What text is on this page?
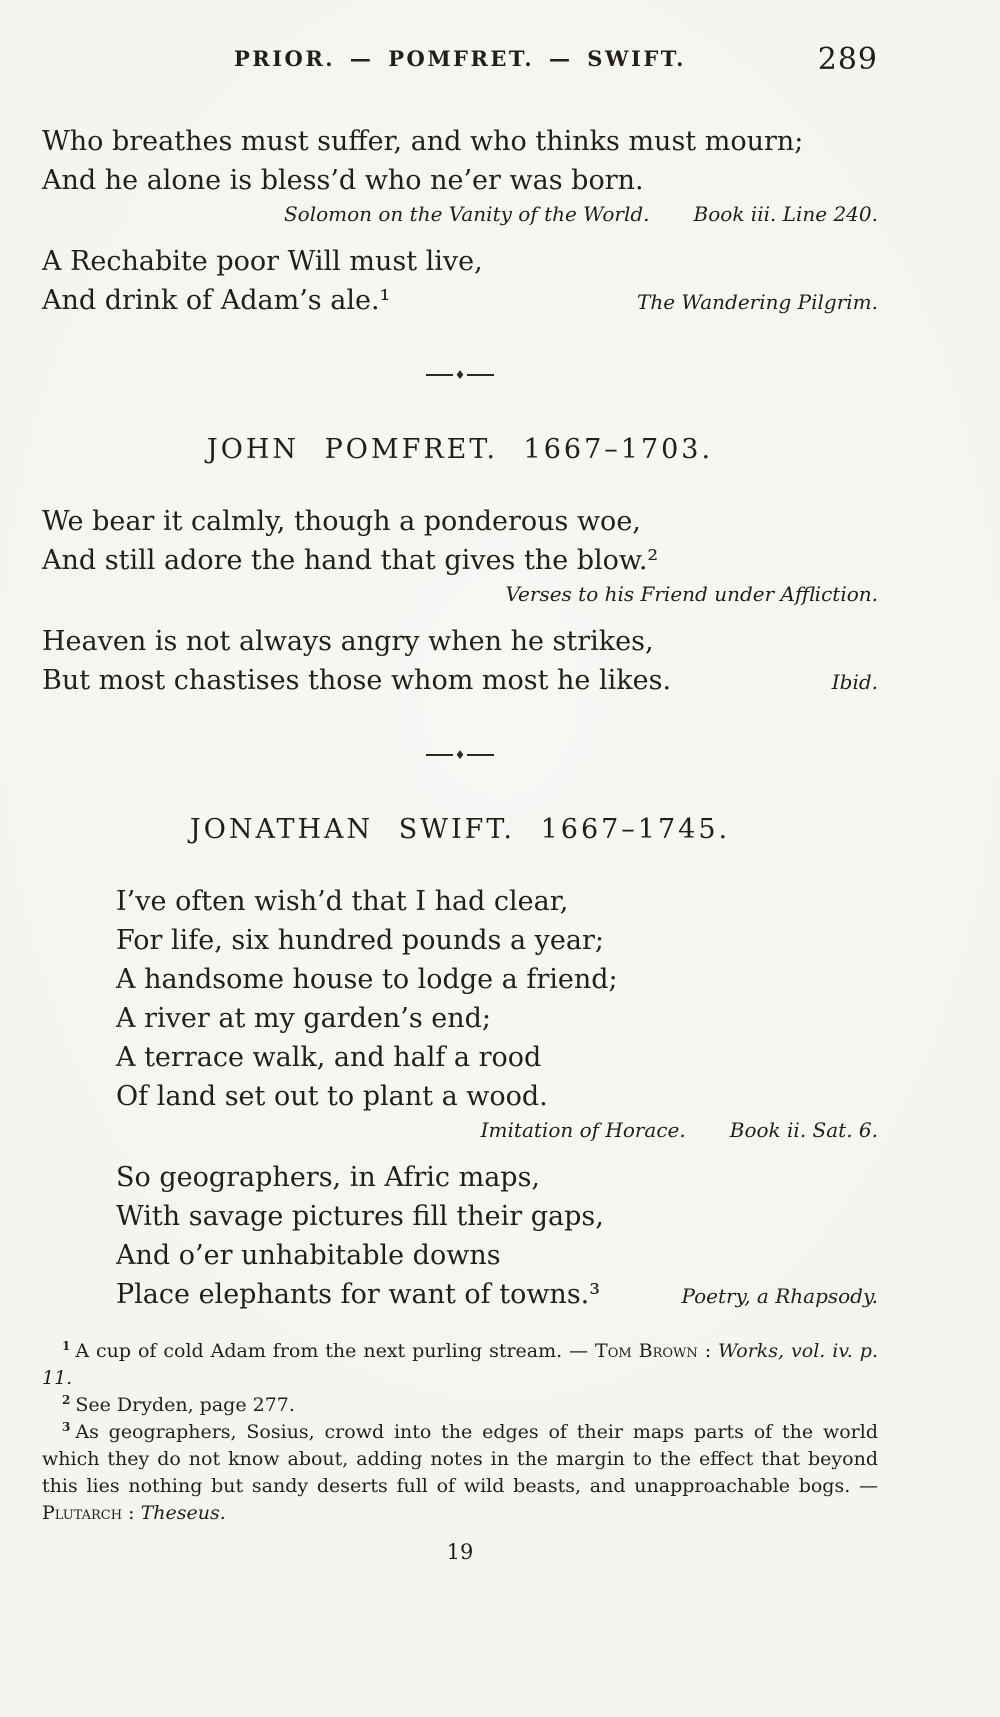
PRIOR. — POMFRET. — SWIFT.	289

Who breathes must suffer, and who thinks must mourn;

And he alone is bless’d who ne’er was born.

Solomon on the Vanity of the World. Book iii. Line 240.

A Rechabite poor Will must live,

And drink of Adam’s ale.¹	The Wandering Pilgrim.
♦
JOHN POMFRET. 1667–1703.

We bear it calmly, though a ponderous woe,

And still adore the hand that gives the blow.²

Verses to his Friend under Affliction.

Heaven is not always angry when he strikes,

But most chastises those whom most he likes.	Ibid.
♦
JONATHAN SWIFT. 1667–1745.

I’ve often wish’d that I had clear,

For life, six hundred pounds a year;

A handsome house to lodge a friend;

A river at my garden’s end;

A terrace walk, and half a rood

Of land set out to plant a wood.

Imitation of Horace. Book ii. Sat. 6.

So geographers, in Afric maps,

With savage pictures fill their gaps,

And o’er unhabitable downs

Place elephants for want of towns.³	Poetry, a Rhapsody.

$^1$ A cup of cold Adam from the next purling stream. — Tom Brown : Works, vol. iv. p. 11.

$^2$ See Dryden, page 277.

$^3$ As geographers, Sosius, crowd into the edges of their maps parts of the world which they do not know about, adding notes in the margin to the effect that beyond this lies nothing but sandy deserts full of wild beasts, and unapproachable bogs. — Plutarch : Theseus.

19
